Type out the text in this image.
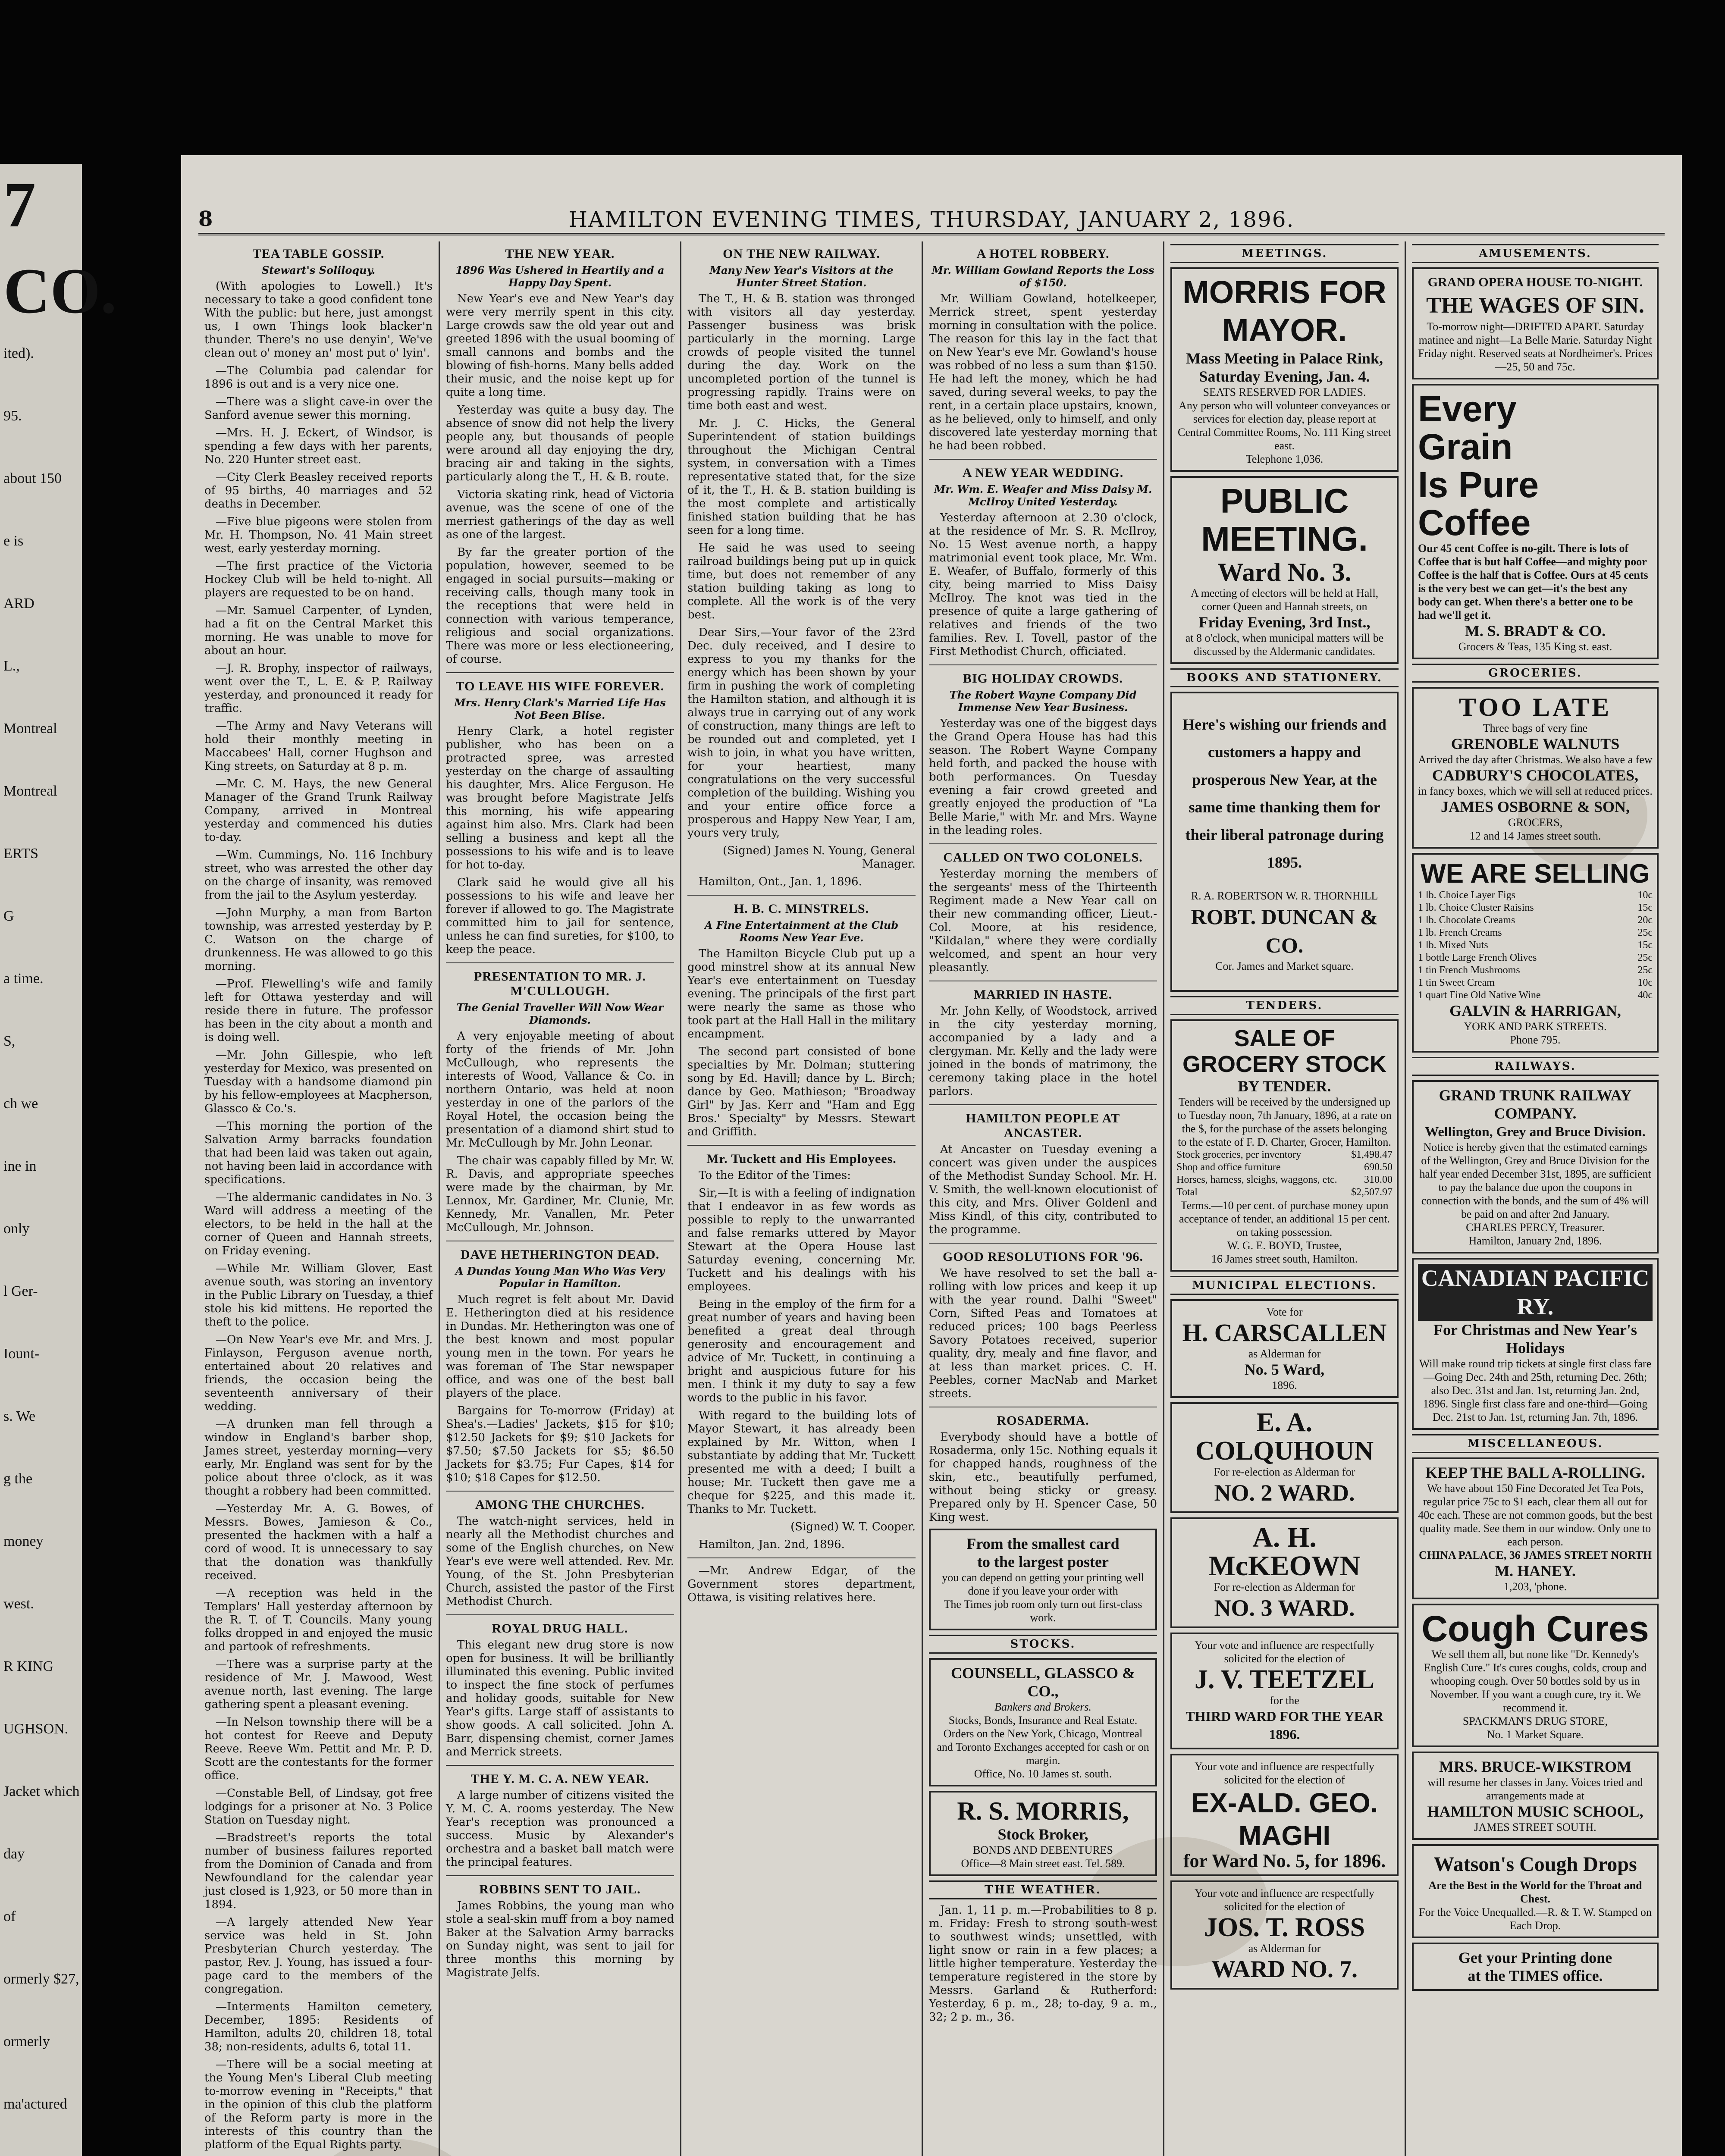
7
CO.
ited).
95.
about 150
e is
ARD
L.,
Montreal
Montreal
ERTS
G
a time.
S,
ch we
ine in
only
l Ger-
Iount-
s. We
g the
money
west.
R KING
UGHSON.
Jacket which
day
of
ormerly $27,
ormerly
ma'actured
8	HAMILTON EVENING TIMES, THURSDAY, JANUARY 2, 1896.
TEA TABLE GOSSIP.
Stewart's Soliloquy.

(With apologies to Lowell.) It's necessary to take a good confident tone With the public: but here, just amongst us, I own Things look blacker'n thunder. There's no use denyin', We've clean out o' money an' most put o' lyin'.

—The Columbia pad calendar for 1896 is out and is a very nice one.

—There was a slight cave-in over the Sanford avenue sewer this morning.

—Mrs. H. J. Eckert, of Windsor, is spending a few days with her parents, No. 220 Hunter street east.

—City Clerk Beasley received reports of 95 births, 40 marriages and 52 deaths in December.

—Five blue pigeons were stolen from Mr. H. Thompson, No. 41 Main street west, early yesterday morning.

—The first practice of the Victoria Hockey Club will be held to-night. All players are requested to be on hand.

—Mr. Samuel Carpenter, of Lynden, had a fit on the Central Market this morning. He was unable to move for about an hour.

—J. R. Brophy, inspector of railways, went over the T., L. E. & P. Railway yesterday, and pronounced it ready for traffic.

—The Army and Navy Veterans will hold their monthly meeting in Maccabees' Hall, corner Hughson and King streets, on Saturday at 8 p. m.

—Mr. C. M. Hays, the new General Manager of the Grand Trunk Railway Company, arrived in Montreal yesterday and commenced his duties to-day.

—Wm. Cummings, No. 116 Inchbury street, who was arrested the other day on the charge of insanity, was removed from the jail to the Asylum yesterday.

—John Murphy, a man from Barton township, was arrested yesterday by P. C. Watson on the charge of drunkenness. He was allowed to go this morning.

—Prof. Flewelling's wife and family left for Ottawa yesterday and will reside there in future. The professor has been in the city about a month and is doing well.

—Mr. John Gillespie, who left yesterday for Mexico, was presented on Tuesday with a handsome diamond pin by his fellow-employees at Macpherson, Glassco & Co.'s.

—This morning the portion of the Salvation Army barracks foundation that had been laid was taken out again, not having been laid in accordance with specifications.

—The aldermanic candidates in No. 3 Ward will address a meeting of the electors, to be held in the hall at the corner of Queen and Hannah streets, on Friday evening.

—While Mr. William Glover, East avenue south, was storing an inventory in the Public Library on Tuesday, a thief stole his kid mittens. He reported the theft to the police.

—On New Year's eve Mr. and Mrs. J. Finlayson, Ferguson avenue north, entertained about 20 relatives and friends, the occasion being the seventeenth anniversary of their wedding.

—A drunken man fell through a window in England's barber shop, James street, yesterday morning—very early, Mr. England was sent for by the police about three o'clock, as it was thought a robbery had been committed.

—Yesterday Mr. A. G. Bowes, of Messrs. Bowes, Jamieson & Co., presented the hackmen with a half a cord of wood. It is unnecessary to say that the donation was thankfully received.

—A reception was held in the Templars' Hall yesterday afternoon by the R. T. of T. Councils. Many young folks dropped in and enjoyed the music and partook of refreshments.

—There was a surprise party at the residence of Mr. J. Mawood, West avenue north, last evening. The large gathering spent a pleasant evening.

—In Nelson township there will be a hot contest for Reeve and Deputy Reeve. Reeve Wm. Pettit and Mr. P. D. Scott are the contestants for the former office.

—Constable Bell, of Lindsay, got free lodgings for a prisoner at No. 3 Police Station on Tuesday night.

—Bradstreet's reports the total number of business failures reported from the Dominion of Canada and from Newfoundland for the calendar year just closed is 1,923, or 50 more than in 1894.

—A largely attended New Year service was held in St. John Presbyterian Church yesterday. The pastor, Rev. J. Young, has issued a four-page card to the members of the congregation.

—Interments Hamilton cemetery, December, 1895: Residents of Hamilton, adults 20, children 18, total 38; non-residents, adults 6, total 11.

—There will be a social meeting at the Young Men's Liberal Club meeting to-morrow evening in "Receipts," that in the opinion of this club the platform of the Reform party is more in the interests of this country than the platform of the Equal Rights party.

THE NEW YEAR.
1896 Was Ushered in Heartily and a Happy Day Spent.

New Year's eve and New Year's day were very merrily spent in this city. Large crowds saw the old year out and greeted 1896 with the usual booming of small cannons and bombs and the blowing of fish-horns. Many bells added their music, and the noise kept up for quite a long time.

Yesterday was quite a busy day. The absence of snow did not help the livery people any, but thousands of people were around all day enjoying the dry, bracing air and taking in the sights, particularly along the T., H. & B. route.

Victoria skating rink, head of Victoria avenue, was the scene of one of the merriest gatherings of the day as well as one of the largest.

By far the greater portion of the population, however, seemed to be engaged in social pursuits—making or receiving calls, though many took in the receptions that were held in connection with various temperance, religious and social organizations. There was more or less electioneering, of course.

TO LEAVE HIS WIFE FOREVER.
Mrs. Henry Clark's Married Life Has Not Been Blise.

Henry Clark, a hotel register publisher, who has been on a protracted spree, was arrested yesterday on the charge of assaulting his daughter, Mrs. Alice Ferguson. He was brought before Magistrate Jelfs this morning, his wife appearing against him also. Mrs. Clark had been selling a business and kept all the possessions to his wife and is to leave for hot to-day.

Clark said he would give all his possessions to his wife and leave her forever if allowed to go. The Magistrate committed him to jail for sentence, unless he can find sureties, for $100, to keep the peace.

PRESENTATION TO MR. J. M'CULLOUGH.
The Genial Traveller Will Now Wear Diamonds.

A very enjoyable meeting of about forty of the friends of Mr. John McCullough, who represents the interests of Wood, Vallance & Co. in northern Ontario, was held at noon yesterday in one of the parlors of the Royal Hotel, the occasion being the presentation of a diamond shirt stud to Mr. McCullough by Mr. John Leonar.

The chair was capably filled by Mr. W. R. Davis, and appropriate speeches were made by the chairman, by Mr. Lennox, Mr. Gardiner, Mr. Clunie, Mr. Kennedy, Mr. Vanallen, Mr. Peter McCullough, Mr. Johnson.

DAVE HETHERINGTON DEAD.
A Dundas Young Man Who Was Very Popular in Hamilton.

Much regret is felt about Mr. David E. Hetherington died at his residence in Dundas. Mr. Hetherington was one of the best known and most popular young men in the town. For years he was foreman of The Star newspaper office, and was one of the best ball players of the place.

Bargains for To-morrow (Friday) at Shea's.—Ladies' Jackets, $15 for $10; $12.50 Jackets for $9; $10 Jackets for $7.50; $7.50 Jackets for $5; $6.50 Jackets for $3.75; Fur Capes, $14 for $10; $18 Capes for $12.50.

AMONG THE CHURCHES.

The watch-night services, held in nearly all the Methodist churches and some of the English churches, on New Year's eve were well attended. Rev. Mr. Young, of the St. John Presbyterian Church, assisted the pastor of the First Methodist Church.

ROYAL DRUG HALL.

This elegant new drug store is now open for business. It will be brilliantly illuminated this evening. Public invited to inspect the fine stock of perfumes and holiday goods, suitable for New Year's gifts. Large staff of assistants to show goods. A call solicited. John A. Barr, dispensing chemist, corner James and Merrick streets.

THE Y. M. C. A. NEW YEAR.

A large number of citizens visited the Y. M. C. A. rooms yesterday. The New Year's reception was pronounced a success. Music by Alexander's orchestra and a basket ball match were the principal features.

ROBBINS SENT TO JAIL.

James Robbins, the young man who stole a seal-skin muff from a boy named Baker at the Salvation Army barracks on Sunday night, was sent to jail for three months this morning by Magistrate Jelfs.

ON THE NEW RAILWAY.
Many New Year's Visitors at the Hunter Street Station.

The T., H. & B. station was thronged with visitors all day yesterday. Passenger business was brisk particularly in the morning. Large crowds of people visited the tunnel during the day. Work on the uncompleted portion of the tunnel is progressing rapidly. Trains were on time both east and west.

Mr. J. C. Hicks, the General Superintendent of station buildings throughout the Michigan Central system, in conversation with a Times representative stated that, for the size of it, the T., H. & B. station building is the most complete and artistically finished station building that he has seen for a long time.

He said he was used to seeing railroad buildings being put up in quick time, but does not remember of any station building taking as long to complete. All the work is of the very best.

Dear Sirs,—Your favor of the 23rd Dec. duly received, and I desire to express to you my thanks for the energy which has been shown by your firm in pushing the work of completing the Hamilton station, and although it is always true in carrying out of any work of construction, many things are left to be rounded out and completed, yet I wish to join, in what you have written, for your heartiest, many congratulations on the very successful completion of the building. Wishing you and your entire office force a prosperous and Happy New Year, I am, yours very truly,

(Signed) James N. Young, General Manager.

Hamilton, Ont., Jan. 1, 1896.

H. B. C. MINSTRELS.
A Fine Entertainment at the Club Rooms New Year Eve.

The Hamilton Bicycle Club put up a good minstrel show at its annual New Year's eve entertainment on Tuesday evening. The principals of the first part were nearly the same as those who took part at the Hall Hall in the military encampment.

The second part consisted of bone specialties by Mr. Dolman; stuttering song by Ed. Havill; dance by L. Birch; dance by Geo. Mathieson; "Broadway Girl" by Jas. Kerr and "Ham and Egg Bros.' Specialty" by Messrs. Stewart and Griffith.

Mr. Tuckett and His Employees.

To the Editor of the Times:

Sir,—It is with a feeling of indignation that I endeavor in as few words as possible to reply to the unwarranted and false remarks uttered by Mayor Stewart at the Opera House last Saturday evening, concerning Mr. Tuckett and his dealings with his employees.

Being in the employ of the firm for a great number of years and having been benefited a great deal through generosity and encouragement and advice of Mr. Tuckett, in continuing a bright and auspicious future for his men. I think it my duty to say a few words to the public in his favor.

With regard to the building lots of Mayor Stewart, it has already been explained by Mr. Witton, when I substantiate by adding that Mr. Tuckett presented me with a deed; I built a house; Mr. Tuckett then gave me a cheque for $225, and this made it. Thanks to Mr. Tuckett.

(Signed) W. T. Cooper.

Hamilton, Jan. 2nd, 1896.

—Mr. Andrew Edgar, of the Government stores department, Ottawa, is visiting relatives here.

A HOTEL ROBBERY.
Mr. William Gowland Reports the Loss of $150.

Mr. William Gowland, hotelkeeper, Merrick street, spent yesterday morning in consultation with the police. The reason for this lay in the fact that on New Year's eve Mr. Gowland's house was robbed of no less a sum than $150. He had left the money, which he had saved, during several weeks, to pay the rent, in a certain place upstairs, known, as he believed, only to himself, and only discovered late yesterday morning that he had been robbed.

A NEW YEAR WEDDING.
Mr. Wm. E. Weafer and Miss Daisy M. McIlroy United Yesterday.

Yesterday afternoon at 2.30 o'clock, at the residence of Mr. S. R. McIlroy, No. 15 West avenue north, a happy matrimonial event took place, Mr. Wm. E. Weafer, of Buffalo, formerly of this city, being married to Miss Daisy McIlroy. The knot was tied in the presence of quite a large gathering of relatives and friends of the two families. Rev. I. Tovell, pastor of the First Methodist Church, officiated.

BIG HOLIDAY CROWDS.
The Robert Wayne Company Did Immense New Year Business.

Yesterday was one of the biggest days the Grand Opera House has had this season. The Robert Wayne Company held forth, and packed the house with both performances. On Tuesday evening a fair crowd greeted and greatly enjoyed the production of "La Belle Marie," with Mr. and Mrs. Wayne in the leading roles.

CALLED ON TWO COLONELS.

Yesterday morning the members of the sergeants' mess of the Thirteenth Regiment made a New Year call on their new commanding officer, Lieut.-Col. Moore, at his residence, "Kildalan," where they were cordially welcomed, and spent an hour very pleasantly.

MARRIED IN HASTE.

Mr. John Kelly, of Woodstock, arrived in the city yesterday morning, accompanied by a lady and a clergyman. Mr. Kelly and the lady were joined in the bonds of matrimony, the ceremony taking place in the hotel parlors.

HAMILTON PEOPLE AT ANCASTER.

At Ancaster on Tuesday evening a concert was given under the auspices of the Methodist Sunday School. Mr. H. V. Smith, the well-known elocutionist of this city, and Mrs. Oliver Goldenl and Miss Kindl, of this city, contributed to the programme.

GOOD RESOLUTIONS FOR '96.

We have resolved to set the ball a-rolling with low prices and keep it up with the year round. Dalhi "Sweet" Corn, Sifted Peas and Tomatoes at reduced prices; 100 bags Peerless Savory Potatoes received, superior quality, dry, mealy and fine flavor, and at less than market prices. C. H. Peebles, corner MacNab and Market streets.

ROSADERMA.

Everybody should have a bottle of Rosaderma, only 15c. Nothing equals it for chapped hands, roughness of the skin, etc., beautifully perfumed, without being sticky or greasy. Prepared only by H. Spencer Case, 50 King west.

From the smallest card
to the largest poster
you can depend on getting your printing well done if you leave your order with
The Times job room only turn out first-class work.
STOCKS.
COUNSELL, GLASSCO & CO.,
Bankers and Brokers.
Stocks, Bonds, Insurance and Real Estate. Orders on the New York, Chicago, Montreal and Toronto Exchanges accepted for cash or on margin.
Office, No. 10 James st. south.
R. S. MORRIS,
Stock Broker,
BONDS AND DEBENTURES
Office—8 Main street east. Tel. 589.
THE WEATHER.

Jan. 1, 11 p. m.—Probabilities to 8 p. m. Friday: Fresh to strong south-west to southwest winds; unsettled, with light snow or rain in a few places; a little higher temperature. Yesterday the temperature registered in the store by Messrs. Garland & Rutherford: Yesterday, 6 p. m., 28; to-day, 9 a. m., 32; 2 p. m., 36.

MEETINGS.
MORRIS FOR MAYOR.
Mass Meeting in Palace Rink,
Saturday Evening, Jan. 4.
SEATS RESERVED FOR LADIES.
Any person who will volunteer conveyances or services for election day, please report at Central Committee Rooms, No. 111 King street east.
Telephone 1,036.
PUBLIC MEETING.
Ward No. 3.
A meeting of electors will be held at Hall, corner Queen and Hannah streets, on
Friday Evening, 3rd Inst.,
at 8 o'clock, when municipal matters will be discussed by the Aldermanic candidates.
BOOKS AND STATIONERY.
Here's wishing our friends and customers a happy and prosperous New Year, at the same time thanking them for their liberal patronage during 1895.
R. A. ROBERTSON W. R. THORNHILL
ROBT. DUNCAN & CO.
Cor. James and Market square.
TENDERS.
SALE OF GROCERY STOCK
BY TENDER.
Tenders will be received by the undersigned up to Tuesday noon, 7th January, 1896, at a rate on the $, for the purchase of the assets belonging to the estate of F. D. Charter, Grocer, Hamilton.
Stock groceries, per inventory	$1,498.47
Shop and office furniture	690.50
Horses, harness, sleighs, waggons, etc.	310.00
Total	$2,507.97
Terms.—10 per cent. of purchase money upon acceptance of tender, an additional 15 per cent. on taking possession.
W. G. E. BOYD, Trustee,
16 James street south, Hamilton.
MUNICIPAL ELECTIONS.
Vote for
H. CARSCALLEN
as Alderman for
No. 5 Ward,
1896.
E. A. COLQUHOUN
For re-election as Alderman for
NO. 2 WARD.
A. H. McKEOWN
For re-election as Alderman for
NO. 3 WARD.
Your vote and influence are respectfully solicited for the election of
J. V. TEETZEL
for the
THIRD WARD FOR THE YEAR 1896.
Your vote and influence are respectfully solicited for the election of
EX-ALD. GEO. MAGHI
for Ward No. 5, for 1896.
Your vote and influence are respectfully solicited for the election of
JOS. T. ROSS
as Alderman for
WARD NO. 7.
AMUSEMENTS.
GRAND OPERA HOUSE TO-NIGHT.
THE WAGES OF SIN.
To-morrow night—DRIFTED APART. Saturday matinee and night—La Belle Marie. Saturday Night Friday night. Reserved seats at Nordheimer's. Prices—25, 50 and 75c.
Every
Grain
Is Pure
Coffee
Our 45 cent Coffee is no-gilt. There is lots of Coffee that is but half Coffee—and mighty poor Coffee is the half that is Coffee. Ours at 45 cents is the very best we can get—it's the best any body can get. When there's a better one to be had we'll get it.
M. S. BRADT & CO.
Grocers & Teas, 135 King st. east.
GROCERIES.
TOO LATE
Three bags of very fine
GRENOBLE WALNUTS
Arrived the day after Christmas. We also have a few
CADBURY'S CHOCOLATES,
in fancy boxes, which we will sell at reduced prices.
JAMES OSBORNE & SON,
GROCERS,
12 and 14 James street south.
WE ARE SELLING
1 lb. Choice Layer Figs	10c
1 lb. Choice Cluster Raisins	15c
1 lb. Chocolate Creams	20c
1 lb. French Creams	25c
1 lb. Mixed Nuts	15c
1 bottle Large French Olives	25c
1 tin French Mushrooms	25c
1 tin Sweet Cream	10c
1 quart Fine Old Native Wine	40c
GALVIN & HARRIGAN,
YORK AND PARK STREETS.
Phone 795.
RAILWAYS.
GRAND TRUNK RAILWAY COMPANY.
Wellington, Grey and Bruce Division.
Notice is hereby given that the estimated earnings of the Wellington, Grey and Bruce Division for the half year ended December 31st, 1895, are sufficient to pay the balance due upon the coupons in connection with the bonds, and the sum of 4% will be paid on and after 2nd January.
CHARLES PERCY, Treasurer.
Hamilton, January 2nd, 1896.
CANADIAN PACIFIC RY.
For Christmas and New Year's Holidays
Will make round trip tickets at single first class fare—Going Dec. 24th and 25th, returning Dec. 26th; also Dec. 31st and Jan. 1st, returning Jan. 2nd, 1896. Single first class fare and one-third—Going Dec. 21st to Jan. 1st, returning Jan. 7th, 1896.
MISCELLANEOUS.
KEEP THE BALL A-ROLLING.
We have about 150 Fine Decorated Jet Tea Pots, regular price 75c to $1 each, clear them all out for 40c each. These are not common goods, but the best quality made. See them in our window. Only one to each person.
CHINA PALACE, 36 JAMES STREET NORTH
M. HANEY.
1,203, 'phone.
Cough Cures
We sell them all, but none like "Dr. Kennedy's English Cure." It's cures coughs, colds, croup and whooping cough. Over 50 bottles sold by us in November. If you want a cough cure, try it. We recommend it.
SPACKMAN'S DRUG STORE,
No. 1 Market Square.
MRS. BRUCE-WIKSTROM
will resume her classes in Jany. Voices tried and arrangements made at
HAMILTON MUSIC SCHOOL,
JAMES STREET SOUTH.
Watson's Cough Drops
Are the Best in the World for the Throat and Chest.
For the Voice Unequalled.—R. & T. W. Stamped on Each Drop.
Get your Printing done
at the TIMES office.
